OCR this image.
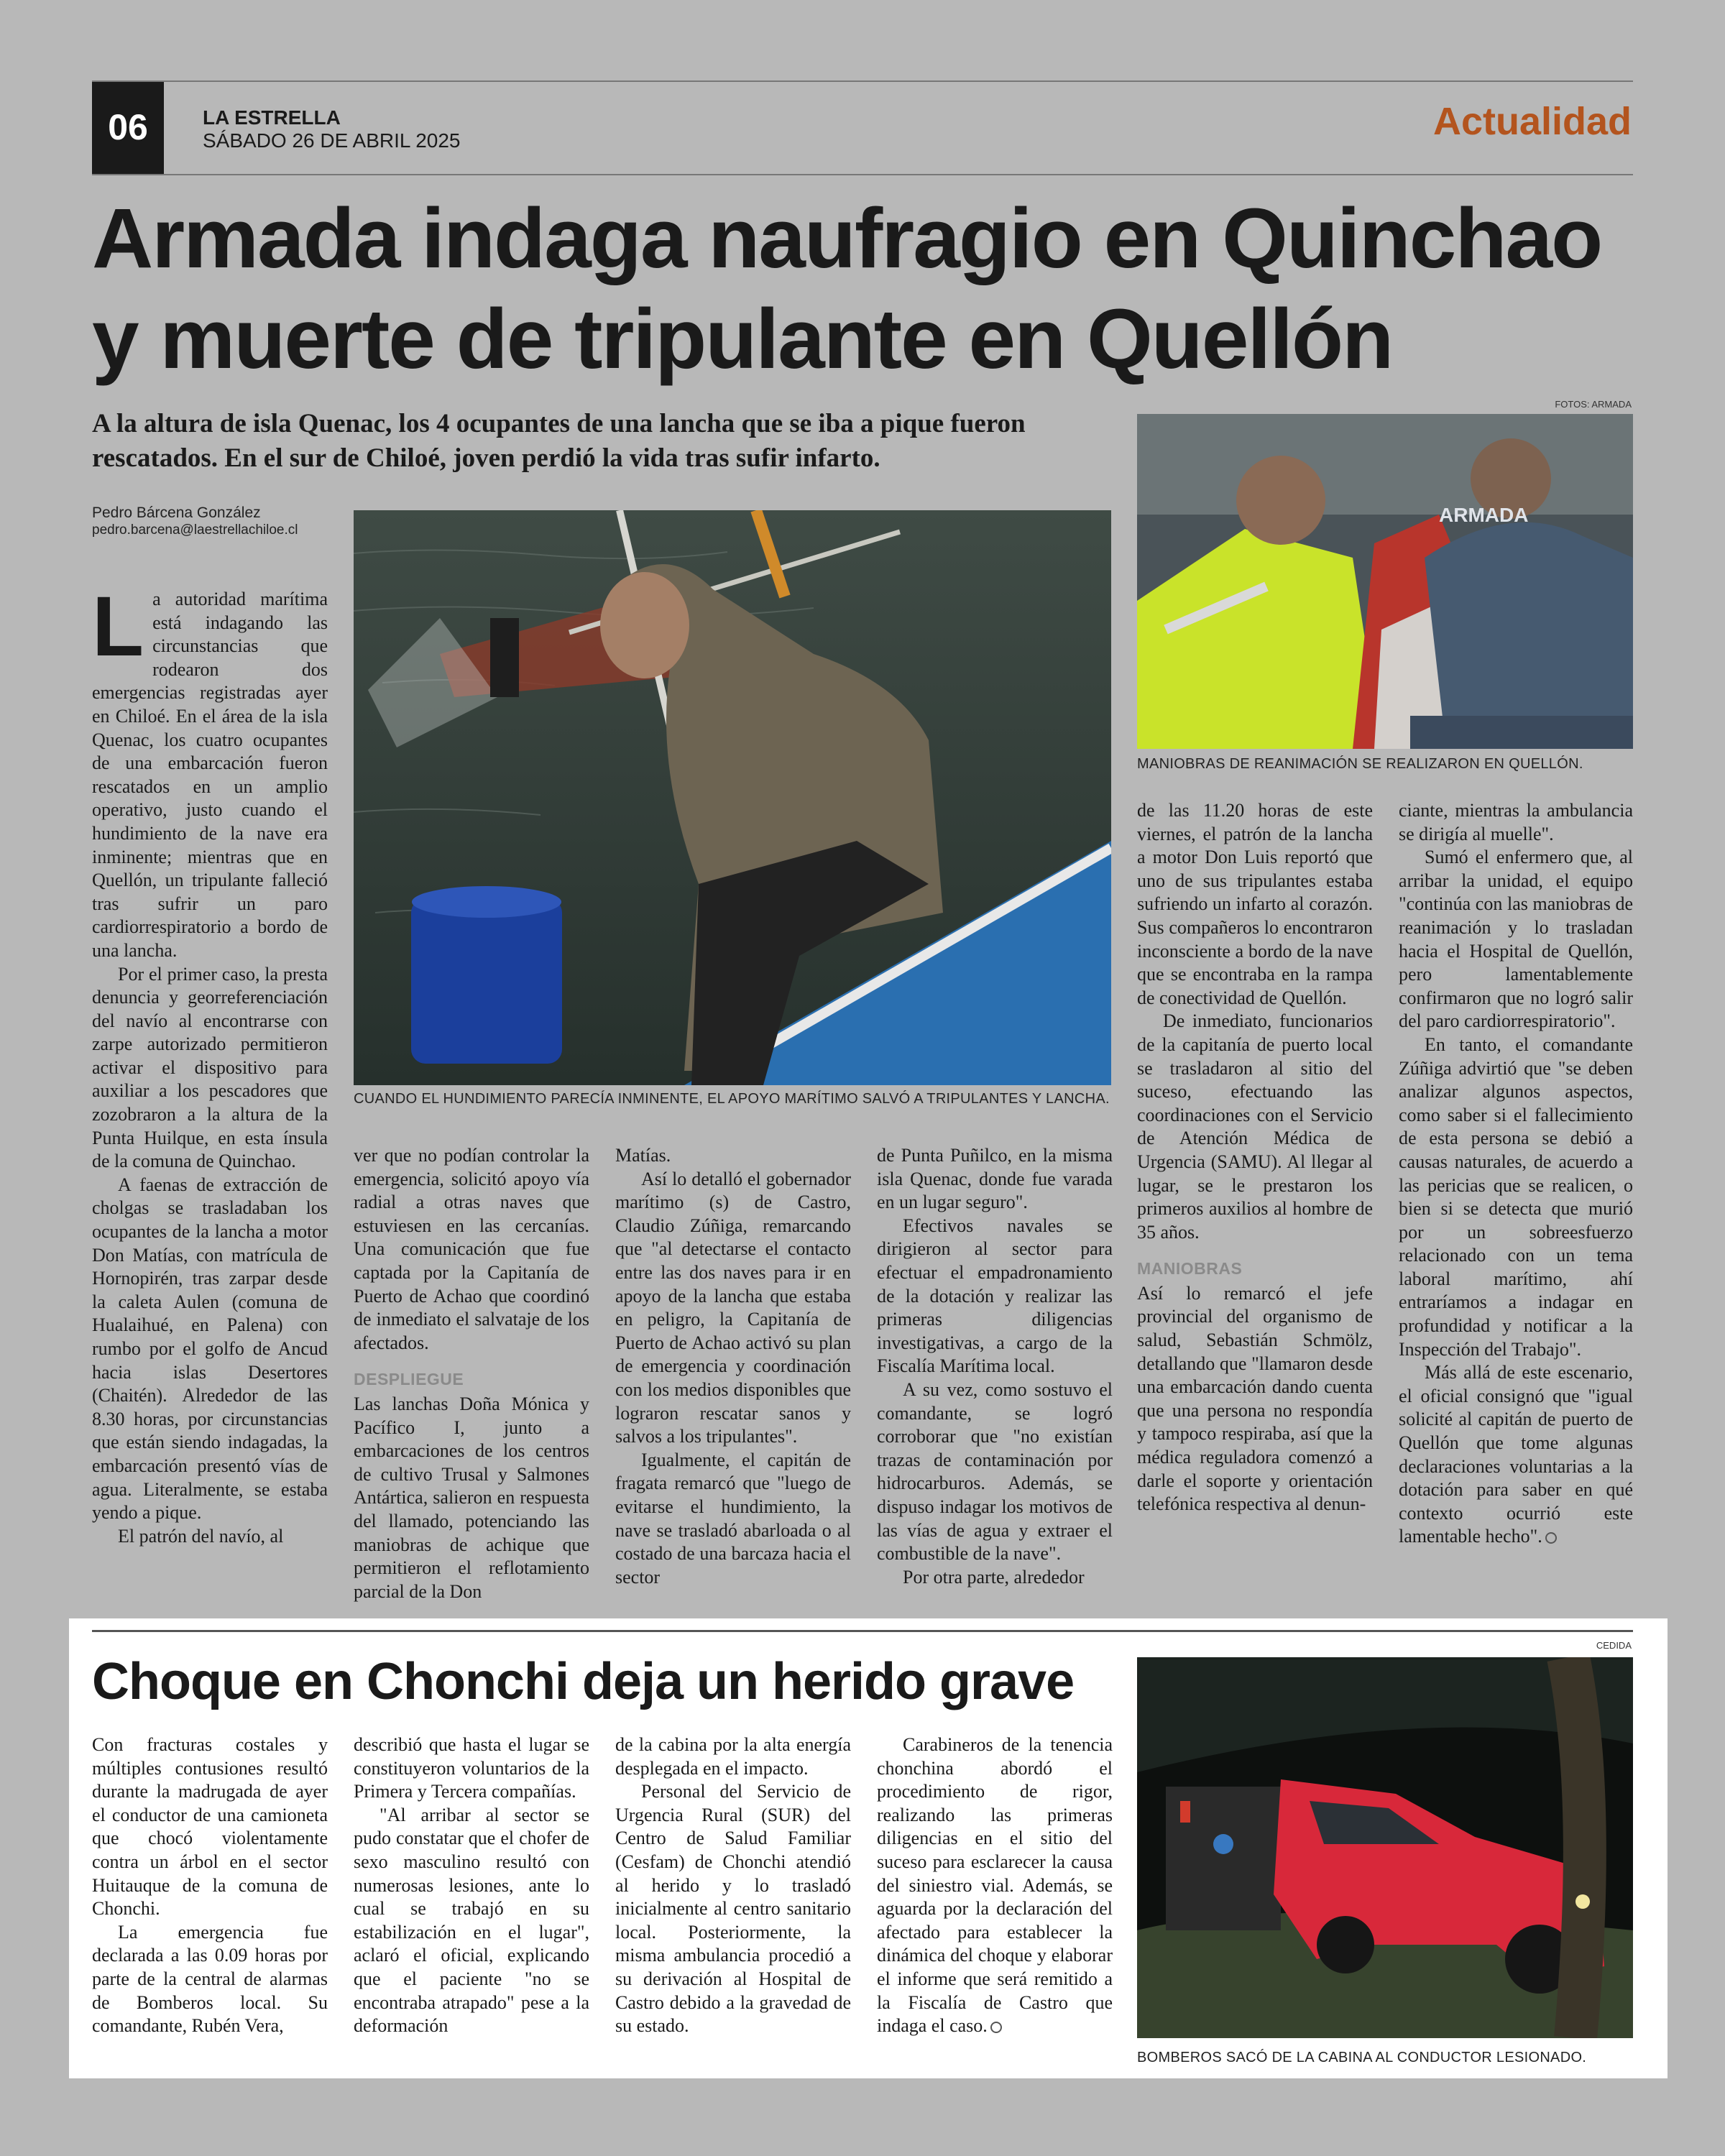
06	LA ESTRELLA
SÁBADO 26 DE ABRIL 2025	Actualidad
Armada indaga naufragio en Quinchao
y muerte de tripulante en Quellón

A la altura de isla Quenac, los 4 ocupantes de una lancha que se iba a pique fueron rescatados. En el sur de Chiloé, joven perdió la vida tras sufir infarto.

Pedro Bárcena González
pedro.barcena@laestrellachiloe.cl
CUANDO EL HUNDIMIENTO PARECÍA INMINENTE, EL APOYO MARÍTIMO SALVÓ A TRIPULANTES Y LANCHA.
FOTOS: ARMADA
ARMADA
MANIOBRAS DE REANIMACIÓN SE REALIZARON EN QUELLÓN.
L a autoridad marítima está indagando las circunstancias que rodearon dos emergencias registradas ayer en Chiloé. En el área de la isla Quenac, los cuatro ocupantes de una embarcación fueron rescatados en un amplio operativo, justo cuando el hundimiento de la nave era inminente; mientras que en Quellón, un tripulante falleció tras sufrir un paro cardiorrespiratorio a bordo de una lancha.

Por el primer caso, la presta denuncia y georreferenciación del navío al encontrarse con zarpe autorizado permitieron activar el dispositivo para auxiliar a los pescadores que zozobraron a la altura de la Punta Huilque, en esta ínsula de la comuna de Quinchao.

A faenas de extracción de cholgas se trasladaban los ocupantes de la lancha a motor Don Matías, con matrícula de Hornopirén, tras zarpar desde la caleta Aulen (comuna de Hualaihué, en Palena) con rumbo por el golfo de Ancud hacia islas Desertores (Chaitén). Alrededor de las 8.30 horas, por circunstancias que están siendo indagadas, la embarcación presentó vías de agua. Literalmente, se estaba yendo a pique.

El patrón del navío, al

ver que no podían controlar la emergencia, solicitó apoyo vía radial a otras naves que estuviesen en las cercanías. Una comunicación que fue captada por la Capitanía de Puerto de Achao que coordinó de inmediato el salvataje de los afectados.

DESPLIEGUE

Las lanchas Doña Mónica y Pacífico I, junto a embarcaciones de los centros de cultivo Trusal y Salmones Antártica, salieron en respuesta del llamado, potenciando las maniobras de achique que permitieron el reflotamiento parcial de la Don

Matías.

Así lo detalló el gobernador marítimo (s) de Castro, Claudio Zúñiga, remarcando que "al detectarse el contacto entre las dos naves para ir en apoyo de la lancha que estaba en peligro, la Capitanía de Puerto de Achao activó su plan de emergencia y coordinación con los medios disponibles que lograron rescatar sanos y salvos a los tripulantes".

Igualmente, el capitán de fragata remarcó que "luego de evitarse el hundimiento, la nave se trasladó abarloada o al costado de una barcaza hacia el sector

de Punta Puñilco, en la misma isla Quenac, donde fue varada en un lugar seguro".

Efectivos navales se dirigieron al sector para efectuar el empadronamiento de la dotación y realizar las primeras diligencias investigativas, a cargo de la Fiscalía Marítima local.

A su vez, como sostuvo el comandante, se logró corroborar que "no existían trazas de contaminación por hidrocarburos. Además, se dispuso indagar los motivos de las vías de agua y extraer el combustible de la nave".

Por otra parte, alrededor

de las 11.20 horas de este viernes, el patrón de la lancha a motor Don Luis reportó que uno de sus tripulantes estaba sufriendo un infarto al corazón. Sus compañeros lo encontraron inconsciente a bordo de la nave que se encontraba en la rampa de conectividad de Quellón.

De inmediato, funcionarios de la capitanía de puerto local se trasladaron al sitio del suceso, efectuando las coordinaciones con el Servicio de Atención Médica de Urgencia (SAMU). Al llegar al lugar, se le prestaron los primeros auxilios al hombre de 35 años.

MANIOBRAS

Así lo remarcó el jefe provincial del organismo de salud, Sebastián Schmölz, detallando que "llamaron desde una embarcación dando cuenta que una persona no respondía y tampoco respiraba, así que la médica reguladora comenzó a darle el soporte y orientación telefónica respectiva al denun-

ciante, mientras la ambulancia se dirigía al muelle".

Sumó el enfermero que, al arribar la unidad, el equipo "continúa con las maniobras de reanimación y lo trasladan hacia el Hospital de Quellón, pero lamentablemente confirmaron que no logró salir del paro cardiorrespiratorio".

En tanto, el comandante Zúñiga advirtió que "se deben analizar algunos aspectos, como saber si el fallecimiento de esta persona se debió a causas naturales, de acuerdo a las pericias que se realicen, o bien si se detecta que murió por un sobreesfuerzo relacionado con un tema laboral marítimo, ahí entraríamos a indagar en profundidad y notificar a la Inspección del Trabajo".

Más allá de este escenario, el oficial consignó que "igual solicité al capitán de puerto de Quellón que tome algunas declaraciones voluntarias a la dotación para saber en qué contexto ocurrió este lamentable hecho".

Choque en Chonchi deja un herido grave

Con fracturas costales y múltiples contusiones resultó durante la madrugada de ayer el conductor de una camioneta que chocó violentamente contra un árbol en el sector Huitauque de la comuna de Chonchi.

La emergencia fue declarada a las 0.09 horas por parte de la central de alarmas de Bomberos local. Su comandante, Rubén Vera,

describió que hasta el lugar se constituyeron voluntarios de la Primera y Tercera compañías.

"Al arribar al sector se pudo constatar que el chofer de sexo masculino resultó con numerosas lesiones, ante lo cual se trabajó en su estabilización en el lugar", aclaró el oficial, explicando que el paciente "no se encontraba atrapado" pese a la deformación

de la cabina por la alta energía desplegada en el impacto.

Personal del Servicio de Urgencia Rural (SUR) del Centro de Salud Familiar (Cesfam) de Chonchi atendió al herido y lo trasladó inicialmente al centro sanitario local. Posteriormente, la misma ambulancia procedió a su derivación al Hospital de Castro debido a la gravedad de su estado.

Carabineros de la tenencia chonchina abordó el procedimiento de rigor, realizando las primeras diligencias en el sitio del suceso para esclarecer la causa del siniestro vial. Además, se aguarda por la declaración del afectado para establecer la dinámica del choque y elaborar el informe que será remitido a la Fiscalía de Castro que indaga el caso.

CEDIDA
BOMBEROS SACÓ DE LA CABINA AL CONDUCTOR LESIONADO.
